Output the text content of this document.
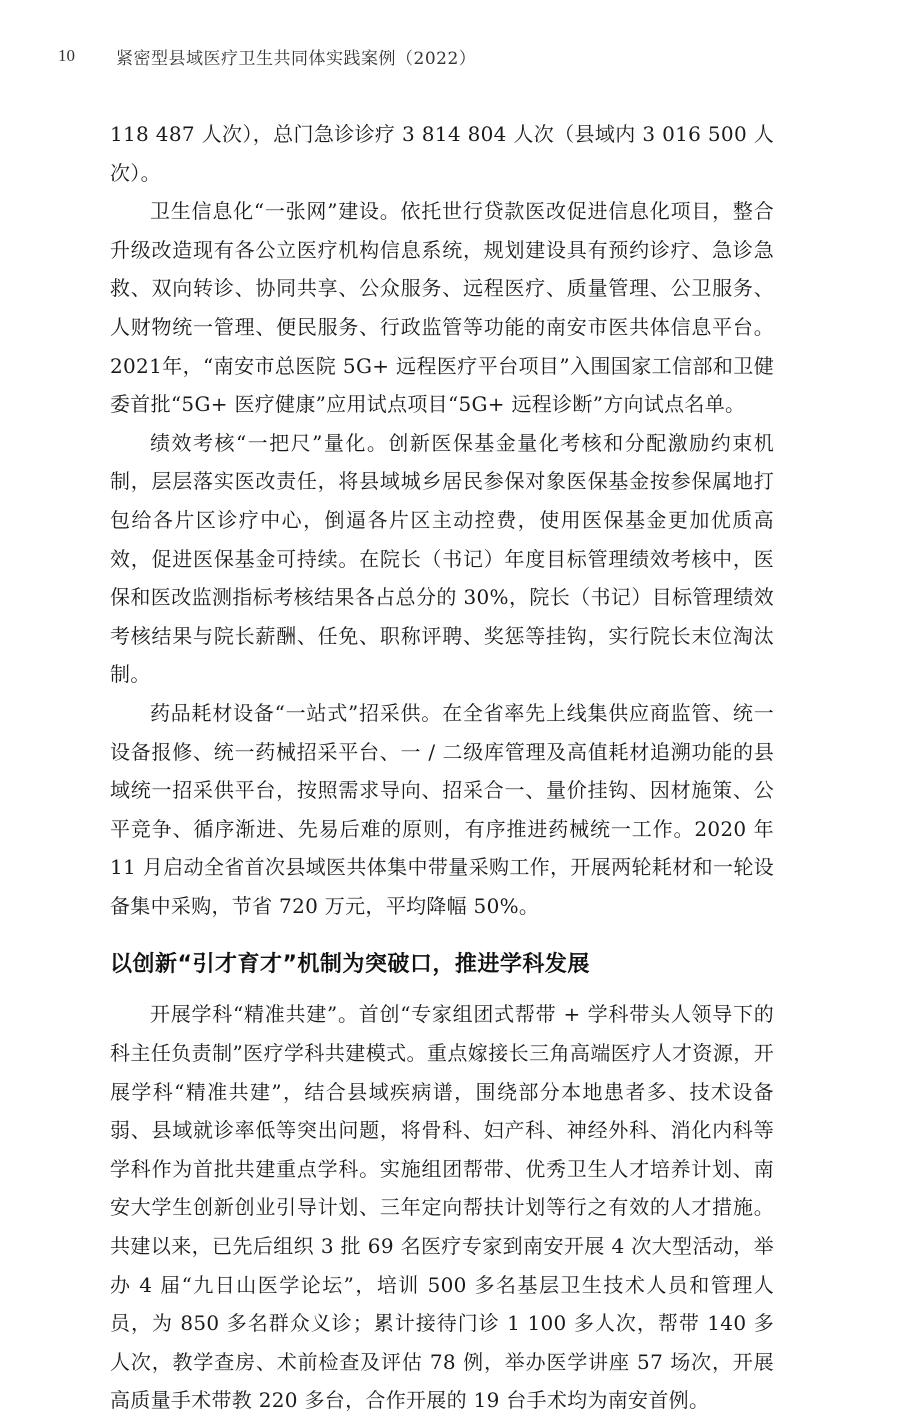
10	紧密型县域医疗卫生共同体实践案例（2022）

118 487 人次），总门急诊诊疗 3 814 804 人次（县域内 3 016 500 人次）。

卫生信息化“一张网”建设。依托世行贷款医改促进信息化项目，整合升级改造现有各公立医疗机构信息系统，规划建设具有预约诊疗、急诊急救、双向转诊、协同共享、公众服务、远程医疗、质量管理、公卫服务、人财物统一管理、便民服务、行政监管等功能的南安市医共体信息平台。2021年，“南安市总医院 5G+ 远程医疗平台项目”入围国家工信部和卫健委首批“5G+ 医疗健康”应用试点项目“5G+ 远程诊断”方向试点名单。

绩效考核“一把尺”量化。创新医保基金量化考核和分配激励约束机制，层层落实医改责任，将县域城乡居民参保对象医保基金按参保属地打包给各片区诊疗中心，倒逼各片区主动控费，使用医保基金更加优质高效，促进医保基金可持续。在院长（书记）年度目标管理绩效考核中，医保和医改监测指标考核结果各占总分的 30%，院长（书记）目标管理绩效考核结果与院长薪酬、任免、职称评聘、奖惩等挂钩，实行院长末位淘汰制。

药品耗材设备“一站式”招采供。在全省率先上线集供应商监管、统一设备报修、统一药械招采平台、一 / 二级库管理及高值耗材追溯功能的县域统一招采供平台，按照需求导向、招采合一、量价挂钩、因材施策、公平竞争、循序渐进、先易后难的原则，有序推进药械统一工作。2020 年 11 月启动全省首次县域医共体集中带量采购工作，开展两轮耗材和一轮设备集中采购，节省 720 万元，平均降幅 50%。

以创新“引才育才”机制为突破口，推进学科发展

开展学科“精准共建”。首创“专家组团式帮带 + 学科带头人领导下的科主任负责制”医疗学科共建模式。重点嫁接长三角高端医疗人才资源，开展学科“精准共建”，结合县域疾病谱，围绕部分本地患者多、技术设备弱、县域就诊率低等突出问题，将骨科、妇产科、神经外科、消化内科等学科作为首批共建重点学科。实施组团帮带、优秀卫生人才培养计划、南安大学生创新创业引导计划、三年定向帮扶计划等行之有效的人才措施。共建以来，已先后组织 3 批 69 名医疗专家到南安开展 4 次大型活动，举办 4 届“九日山医学论坛”，培训 500 多名基层卫生技术人员和管理人员，为 850 多名群众义诊；累计接待门诊 1 100 多人次，帮带 140 多人次，教学查房、术前检查及评估 78 例，举办医学讲座 57 场次，开展高质量手术带教 220 多台，合作开展的 19 台手术均为南安首例。
